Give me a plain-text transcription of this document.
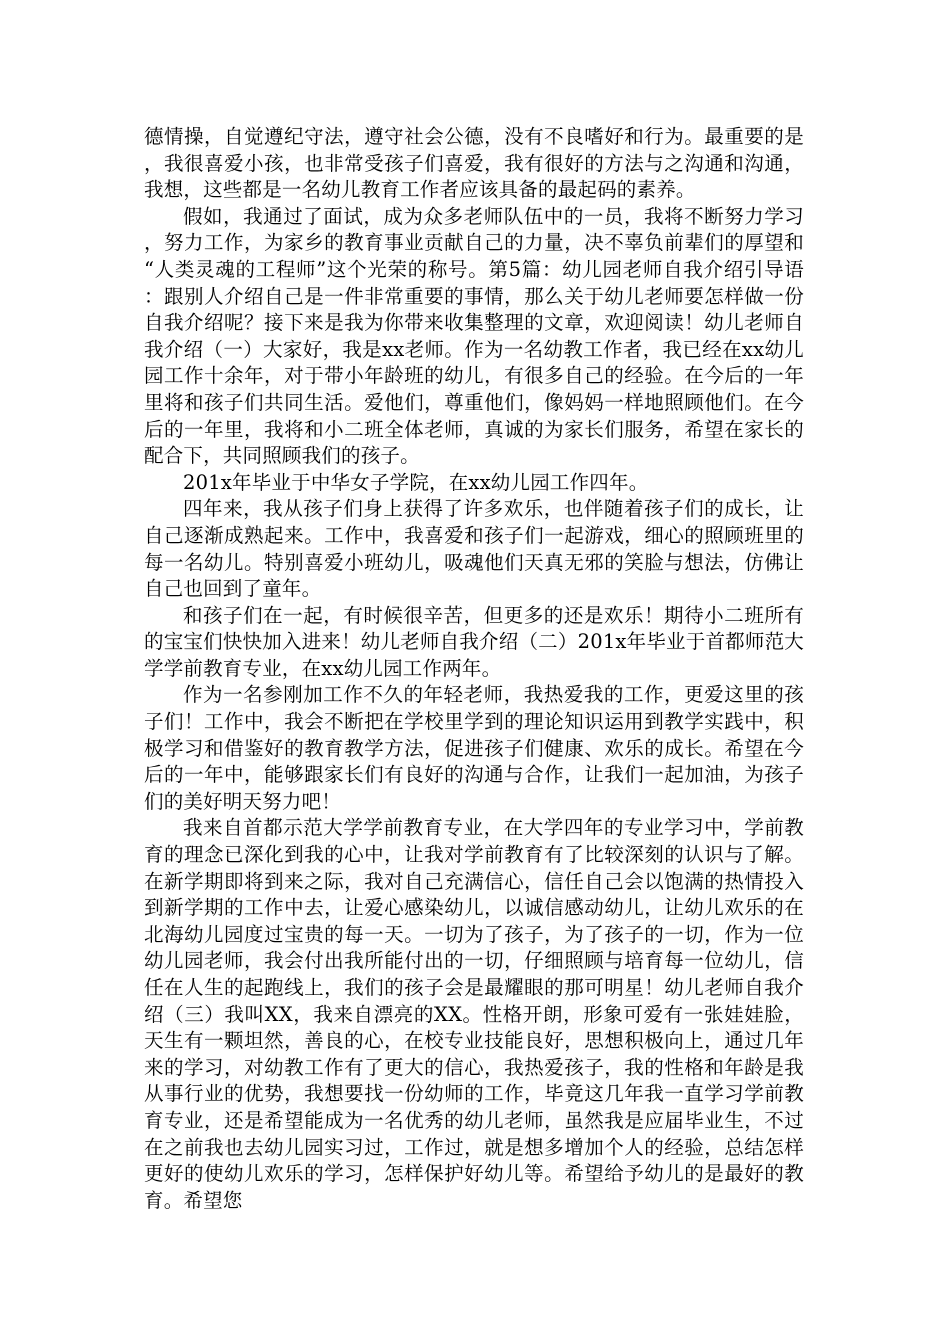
德情操，自觉遵纪守法，遵守社会公德，没有不良嗜好和行为。最重要的是，我很喜爱小孩，也非常受孩子们喜爱，我有很好的方法与之沟通和沟通，我想，这些都是一名幼儿教育工作者应该具备的最起码的素养。

假如，我通过了面试，成为众多老师队伍中的一员，我将不断努力学习，努力工作，为家乡的教育事业贡献自己的力量，决不辜负前辈们的厚望和“人类灵魂的工程师”这个光荣的称号。第5篇：幼儿园老师自我介绍引导语：跟别人介绍自己是一件非常重要的事情，那么关于幼儿老师要怎样做一份自我介绍呢？接下来是我为你带来收集整理的文章，欢迎阅读！幼儿老师自我介绍（一）大家好，我是xx老师。作为一名幼教工作者，我已经在xx幼儿园工作十余年，对于带小年龄班的幼儿，有很多自己的经验。在今后的一年里将和孩子们共同生活。爱他们，尊重他们，像妈妈一样地照顾他们。在今后的一年里，我将和小二班全体老师，真诚的为家长们服务，希望在家长的配合下，共同照顾我们的孩子。

201x年毕业于中华女子学院，在xx幼儿园工作四年。

四年来，我从孩子们身上获得了许多欢乐，也伴随着孩子们的成长，让自己逐渐成熟起来。工作中，我喜爱和孩子们一起游戏，细心的照顾班里的每一名幼儿。特别喜爱小班幼儿，吸魂他们天真无邪的笑脸与想法，仿佛让自己也回到了童年。

和孩子们在一起，有时候很辛苦，但更多的还是欢乐！期待小二班所有的宝宝们快快加入进来！幼儿老师自我介绍（二）201x年毕业于首都师范大学学前教育专业，在xx幼儿园工作两年。

作为一名参刚加工作不久的年轻老师，我热爱我的工作，更爱这里的孩子们！工作中，我会不断把在学校里学到的理论知识运用到教学实践中，积极学习和借鉴好的教育教学方法，促进孩子们健康、欢乐的成长。希望在今后的一年中，能够跟家长们有良好的沟通与合作，让我们一起加油，为孩子们的美好明天努力吧！

我来自首都示范大学学前教育专业，在大学四年的专业学习中，学前教育的理念已深化到我的心中，让我对学前教育有了比较深刻的认识与了解。在新学期即将到来之际，我对自己充满信心，信任自己会以饱满的热情投入到新学期的工作中去，让爱心感染幼儿，以诚信感动幼儿，让幼儿欢乐的在北海幼儿园度过宝贵的每一天。一切为了孩子，为了孩子的一切，作为一位幼儿园老师，我会付出我所能付出的一切，仔细照顾与培育每一位幼儿，信任在人生的起跑线上，我们的孩子会是最耀眼的那可明星！幼儿老师自我介绍（三）我叫XX，我来自漂亮的XX。性格开朗，形象可爱有一张娃娃脸，天生有一颗坦然，善良的心，在校专业技能良好，思想积极向上，通过几年来的学习，对幼教工作有了更大的信心，我热爱孩子，我的性格和年龄是我从事行业的优势，我想要找一份幼师的工作，毕竟这几年我一直学习学前教育专业，还是希望能成为一名优秀的幼儿老师，虽然我是应届毕业生，不过在之前我也去幼儿园实习过，工作过，就是想多增加个人的经验，总结怎样更好的使幼儿欢乐的学习，怎样保护好幼儿等。希望给予幼儿的是最好的教育。希望您
